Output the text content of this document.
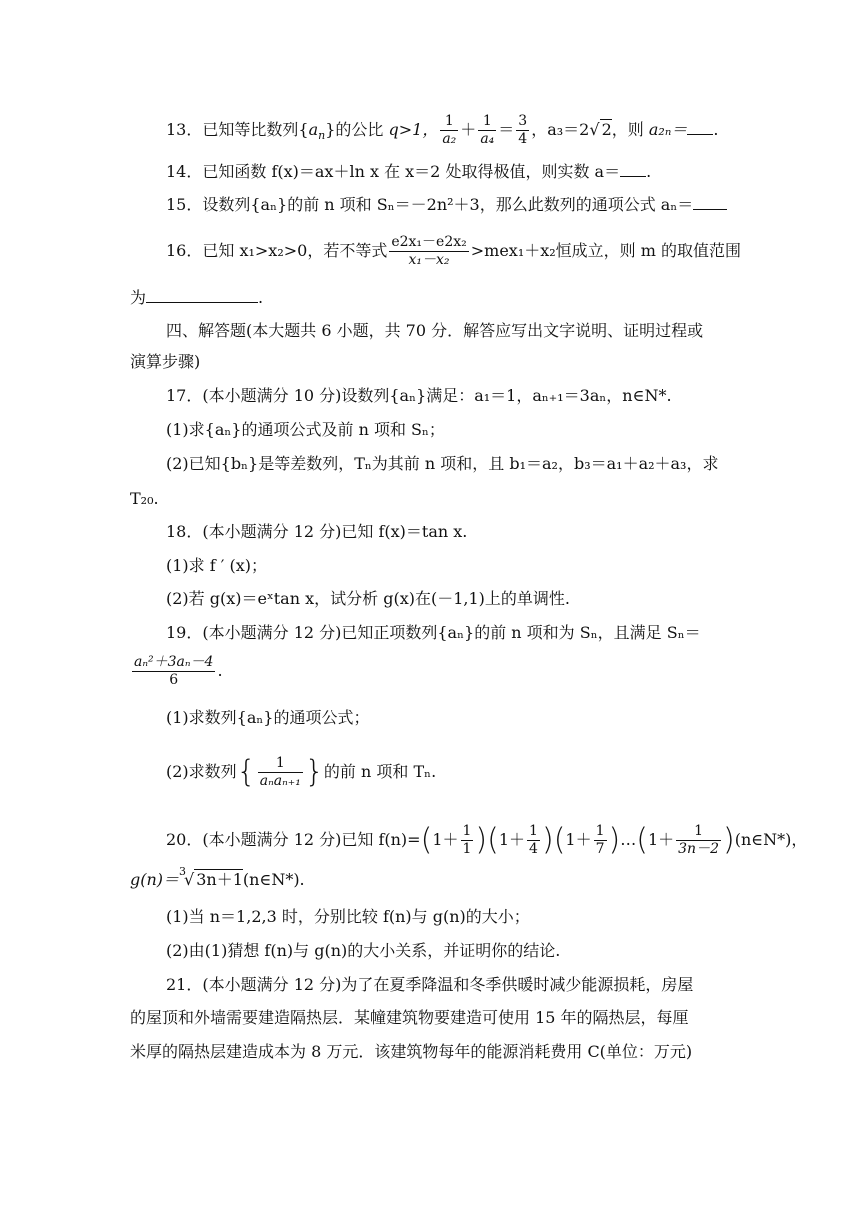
13．已知等比数列$\{a_n\}$的公比 q>1， $\frac{1}{\text{a₂}} + \frac{1}{\text{a₄}} = \frac{3}{4}$ ，a₃＝2√ 2，则 a₂ₙ＝ .
14．已知函数 f(x)＝ax＋ln x 在 x＝2 处取得极值，则实数 a＝ .
15．设数列{aₙ}的前 n 项和 Sₙ＝－2n²＋3，那么此数列的通项公式 aₙ＝
16．已知 x₁>x₂>0，若不等式 $\frac{\text{e2x₁－e2x₂}}{\text{x₁－x₂}} >mex_1+x_2$恒成立，则 m 的取值范围
为	.
四、解答题(本大题共 6 小题，共 70 分．解答应写出文字说明、证明过程或
演算步骤)
17．(本小题满分 10 分)设数列{aₙ}满足：a₁＝1，aₙ₊₁＝3aₙ，n∈N*.
(1)求{aₙ}的通项公式及前 n 项和 Sₙ；
(2)已知{bₙ}是等差数列，Tₙ为其前 n 项和，且 b₁＝a₂，b₃＝a₁＋a₂＋a₃，求
T₂₀.
18．(本小题满分 12 分)已知 f(x)＝tan x.
(1)求 f ′ (x)；
(2)若 g(x)＝eˣtan x，试分析 g(x)在(－1,1)上的单调性.
19．(本小题满分 12 分)已知正项数列{aₙ}的前 n 项和为 Sₙ，且满足 Sₙ＝
$\frac{\text{aₙ²＋3aₙ－4}}{6}$ .
(1)求数列{aₙ}的通项公式；
(2)求数列{ $\frac{1}{\text{aₙaₙ₊₁}}$ }的前 n 项和 Tₙ.
20．(本小题满分 12 分)已知 $f(n)=(1+ \frac{1}{1} )(1+ \frac{1}{4} )(1+ \frac{1}{7}$ )…(1＋ $\frac{1}{3n-2}$ )(n∈N*)，
g(n)＝$^3$√ 3n＋1(n∈N*).
(1)当 n＝1,2,3 时，分别比较 f(n)与 g(n)的大小；
(2)由(1)猜想 f(n)与 g(n)的大小关系，并证明你的结论.
21．(本小题满分 12 分)为了在夏季降温和冬季供暖时减少能源损耗，房屋
的屋顶和外墙需要建造隔热层．某幢建筑物要建造可使用 15 年的隔热层，每厘
米厚的隔热层建造成本为 8 万元．该建筑物每年的能源消耗费用 C(单位：万元)
